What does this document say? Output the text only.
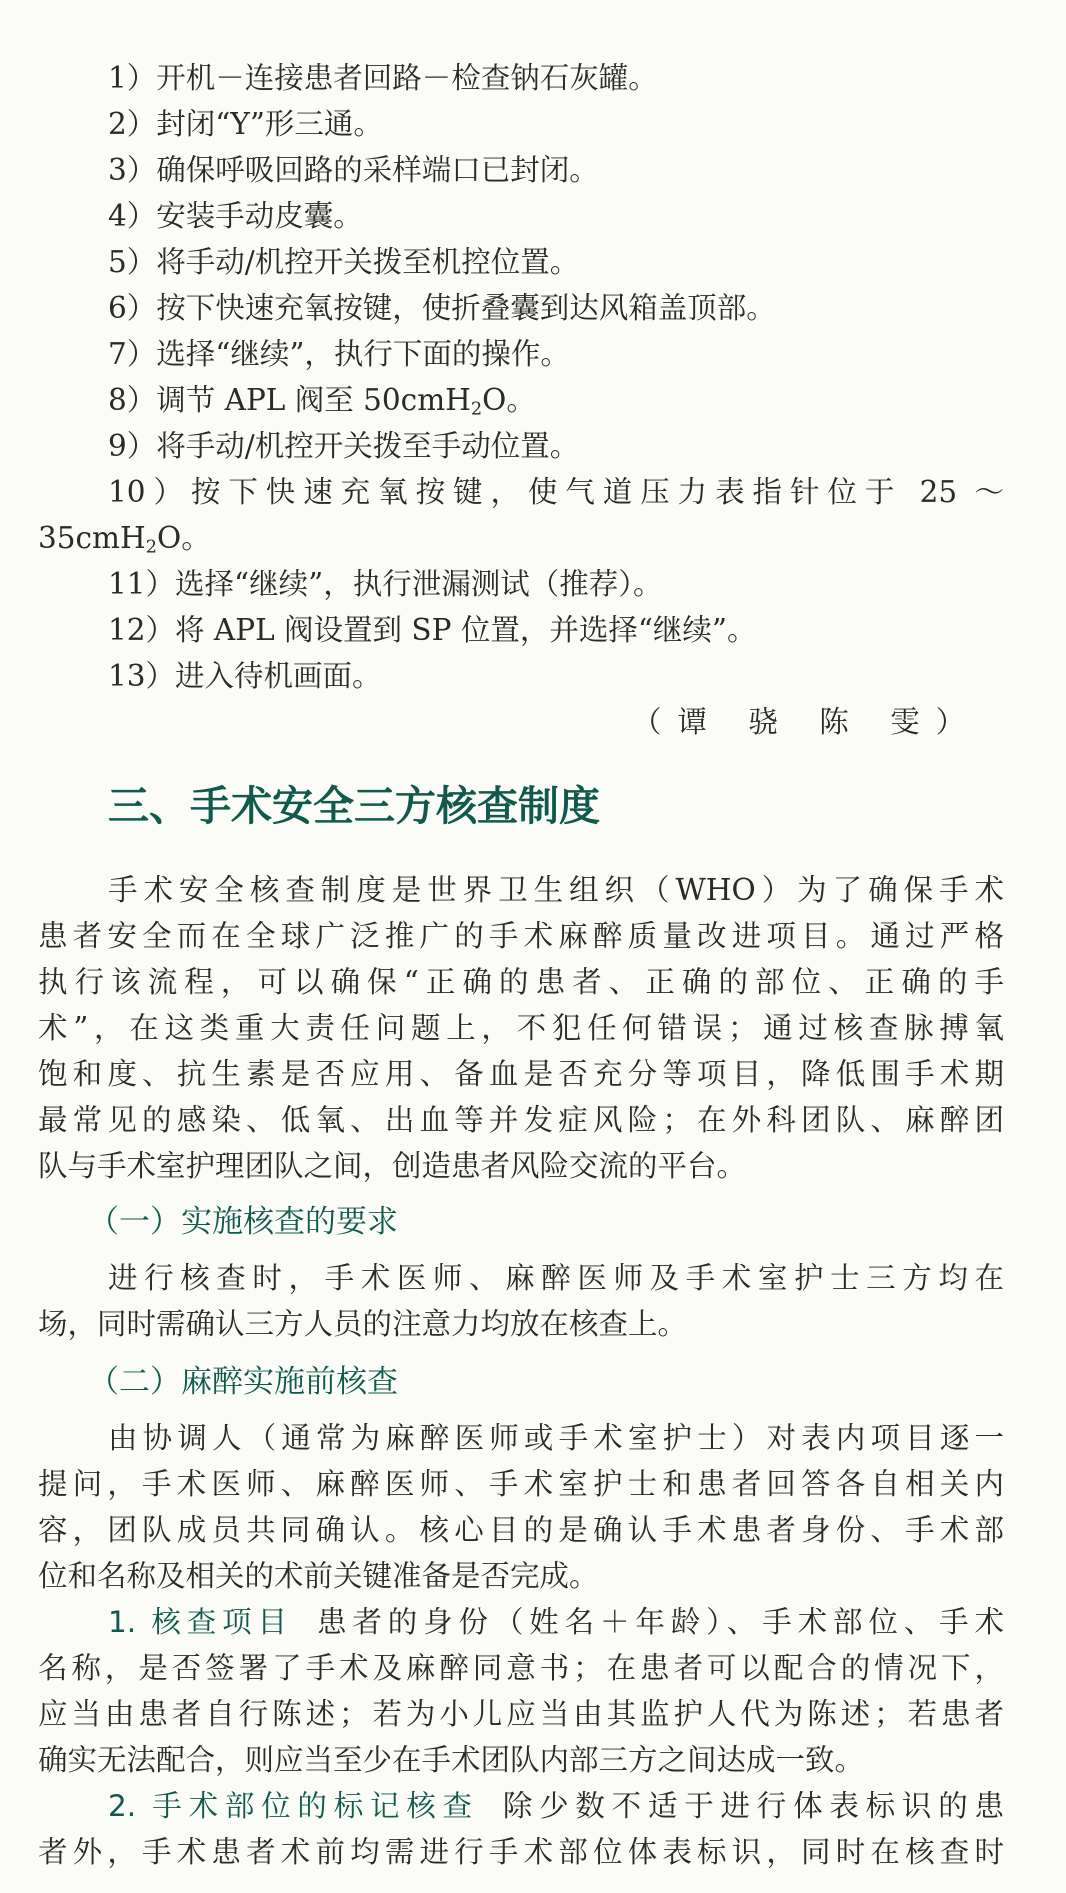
1）开机－连接患者回路－检查钠石灰罐。
2）封闭“Y”形三通。
3）确保呼吸回路的采样端口已封闭。
4）安装手动皮囊。
5）将手动/机控开关拨至机控位置。
6）按下快速充氧按键，使折叠囊到达风箱盖顶部。
7）选择“继续”，执行下面的操作。
8）调节 APL 阀至 50cmH$_2$O。
9）将手动/机控开关拨至手动位置。
10）按下快速充氧按键，使气道压力表指针位于 25 ～
35cmH$_2$O。
11）选择“继续”，执行泄漏测试（推荐）。
12）将 APL 阀设置到 SP 位置，并选择“继续”。
13）进入待机画面。
（谭 骁 陈 雯）
三、手术安全三方核查制度
手术安全核查制度是世界卫生组织（WHO）为了确保手术
患者安全而在全球广泛推广的手术麻醉质量改进项目。通过严格
执行该流程，可以确保“正确的患者、正确的部位、正确的手
术”，在这类重大责任问题上，不犯任何错误；通过核查脉搏氧
饱和度、抗生素是否应用、备血是否充分等项目，降低围手术期
最常见的感染、低氧、出血等并发症风险；在外科团队、麻醉团
队与手术室护理团队之间，创造患者风险交流的平台。
（一）实施核查的要求
进行核查时，手术医师、麻醉医师及手术室护士三方均在
场，同时需确认三方人员的注意力均放在核查上。
（二）麻醉实施前核查
由协调人（通常为麻醉医师或手术室护士）对表内项目逐一
提问，手术医师、麻醉医师、手术室护士和患者回答各自相关内
容，团队成员共同确认。核心目的是确认手术患者身份、手术部
位和名称及相关的术前关键准备是否完成。
1. 核查项目 患者的身份（姓名＋年龄）、手术部位、手术
名称，是否签署了手术及麻醉同意书；在患者可以配合的情况下，
应当由患者自行陈述；若为小儿应当由其监护人代为陈述；若患者
确实无法配合，则应当至少在手术团队内部三方之间达成一致。
2. 手术部位的标记核查 除少数不适于进行体表标识的患
者外，手术患者术前均需进行手术部位体表标识，同时在核查时
